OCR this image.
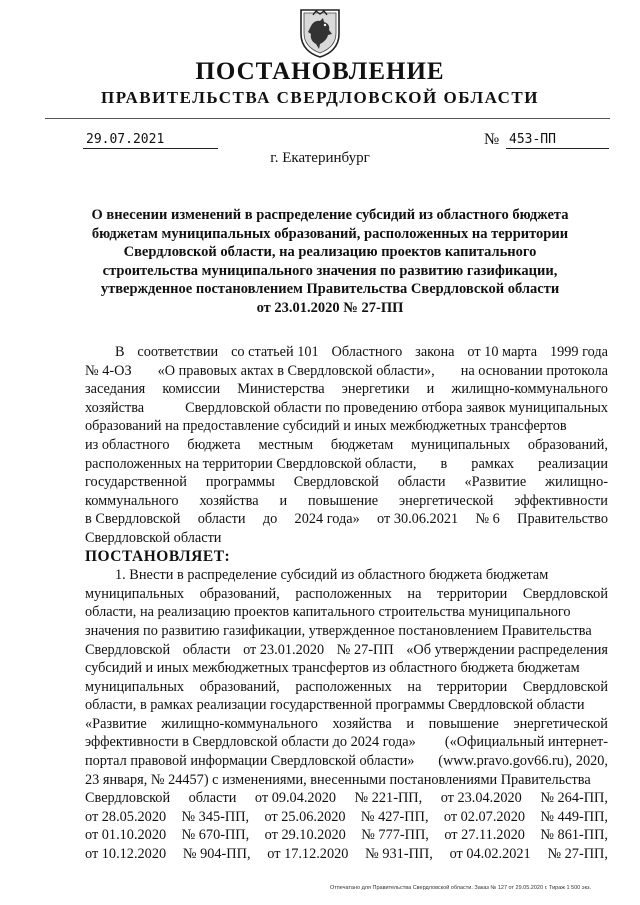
ПОСТАНОВЛЕНИЕ
ПРАВИТЕЛЬСТВА СВЕРДЛОВСКОЙ ОБЛАСТИ
29.07.2021	№ 453-ПП
г. Екатеринбург
О внесении изменений в распределение субсидий из областного бюджета
бюджетам муниципальных образований, расположенных на территории
Свердловской области, на реализацию проектов капитального
строительства муниципального значения по развитию газификации,
утвержденное постановлением Правительства Свердловской области
от 23.01.2020 № 27-ПП
В соответствии со статьей 101 Областного закона от 10 марта 1999 года
№ 4-ОЗ «О правовых актах в Свердловской области», на основании протокола
заседания комиссии Министерства энергетики и жилищно-коммунального
хозяйства	Свердловской области по проведению отбора заявок муниципальных
образований на предоставление субсидий и иных межбюджетных трансфертов
из областного бюджета местным бюджетам муниципальных образований,
расположенных на территории Свердловской области, в рамках реализации
государственной программы Свердловской области «Развитие жилищно-
коммунального хозяйства и повышение энергетической эффективности
в Свердловской области до 2024 года» от 30.06.2021 № 6 Правительство
Свердловской области
ПОСТАНОВЛЯЕТ:
1. Внести в распределение субсидий из областного бюджета бюджетам
муниципальных образований, расположенных на территории Свердловской
области, на реализацию проектов капитального строительства муниципального
значения по развитию газификации, утвержденное постановлением Правительства
Свердловской области от 23.01.2020 № 27-ПП «Об утверждении распределения
субсидий и иных межбюджетных трансфертов из областного бюджета бюджетам
муниципальных образований, расположенных на территории Свердловской
области, в рамках реализации государственной программы Свердловской области
«Развитие жилищно-коммунального хозяйства и повышение энергетической
эффективности в Свердловской области до 2024 года» («Официальный интернет-
портал правовой информации Свердловской области» (www.pravo.gov66.ru), 2020,
23 января, № 24457) с изменениями, внесенными постановлениями Правительства
Свердловской области от 09.04.2020 № 221-ПП, от 23.04.2020 № 264-ПП,
от 28.05.2020 № 345-ПП, от 25.06.2020 № 427-ПП, от 02.07.2020 № 449-ПП,
от 01.10.2020 № 670-ПП, от 29.10.2020 № 777-ПП, от 27.11.2020 № 861-ПП,
от 10.12.2020 № 904-ПП, от 17.12.2020 № 931-ПП, от 04.02.2021 № 27-ПП,
Отпечатано для Правительства Свердловской области. Заказ № 127 от 29.05.2020 г. Тираж 1 500 экз.
